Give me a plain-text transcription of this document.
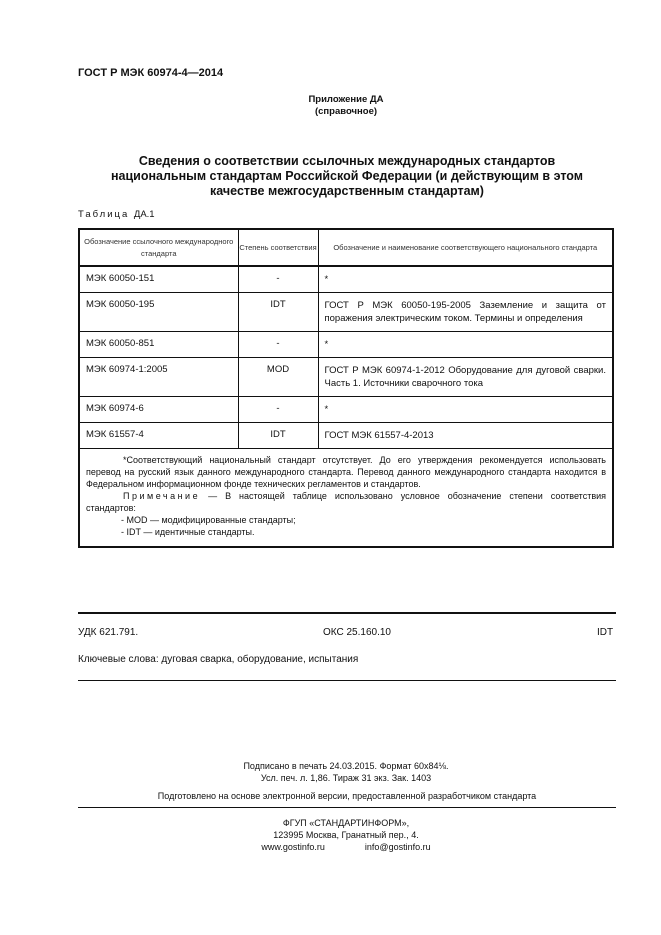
ГОСТ Р МЭК 60974-4—2014
Приложение ДА
(справочное)
Сведения о соответствии ссылочных международных стандартов
национальным стандартам Российской Федерации (и действующим в этом
качестве межгосударственным стандартам)
Таблица ДА.1
Обозначение ссылочного международного стандарта	Степень соответствия	Обозначение и наименование соответствующего национального стандарта
МЭК 60050-151	-	*
МЭК 60050-195	IDT	ГОСТ Р МЭК 60050-195-2005 Заземление и защита от поражения электрическим током. Термины и определения
МЭК 60050-851	-	*
МЭК 60974-1:2005	MOD	ГОСТ Р МЭК 60974-1-2012 Оборудование для дуговой сварки. Часть 1. Источники сварочного тока
МЭК 60974-6	-	*
МЭК 61557-4	IDT	ГОСТ МЭК 61557-4-2013

*Соответствующий национальный стандарт отсутствует. До его утверждения рекомендуется использовать перевод на русский язык данного международного стандарта. Перевод данного международного стандарта находится в Федеральном информационном фонде технических регламентов и стандартов.

Примечание — В настоящей таблице использовано условное обозначение степени соответствия стандартов:

- MOD — модифицированные стандарты;

- IDT — идентичные стандарты.		

УДК 621.791.	ОКС 25.160.10	IDT
Ключевые слова: дуговая сварка, оборудование, испытания
Подписано в печать 24.03.2015. Формат 60х84⅛.
Усл. печ. л. 1,86. Тираж 31 экз. Зак. 1403
Подготовлено на основе электронной версии, предоставленной разработчиком стандарта
ФГУП «СТАНДАРТИНФОРМ»,
123995 Москва, Гранатный пер., 4.
www.gostinfo.ru	info@gostinfo.ru
